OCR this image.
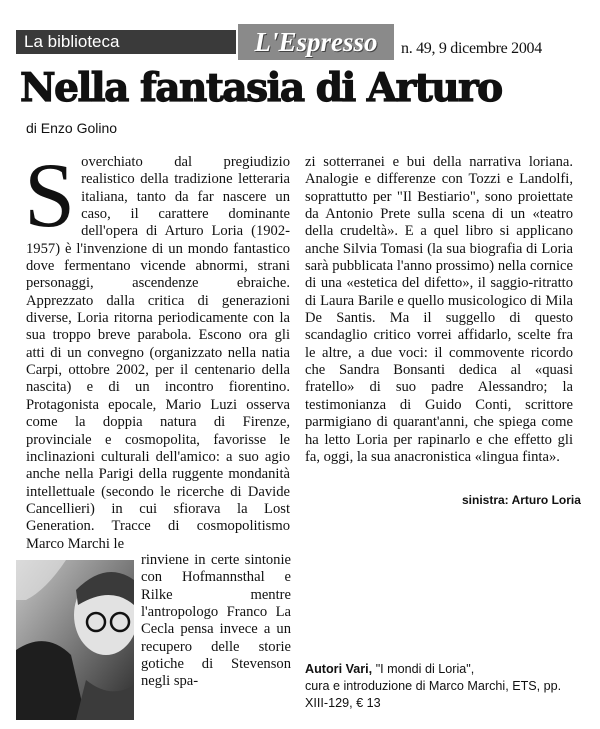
La biblioteca	L'Espresso	n. 49, 9 dicembre 2004
Nella fantasia di Arturo
di Enzo Golino
S overchiato dal pregiudizio realistico della tradizione letteraria italiana, tanto da far nascere un caso, il carattere dominante dell'opera di Arturo Loria (1902-1957) è l'invenzione di un mondo fantastico dove fermentano vicende abnormi, strani personaggi, ascendenze ebraiche. Apprezzato dalla critica di generazioni diverse, Loria ritorna periodicamente con la sua troppo breve parabola. Escono ora gli atti di un convegno (organizzato nella natia Carpi, ottobre 2002, per il centenario della nascita) e di un incontro fiorentino. Protagonista epocale, Mario Luzi osserva come la doppia natura di Firenze, provinciale e cosmopolita, favorisse le inclinazioni culturali dell'amico: a suo agio anche nella Parigi della ruggente mondanità intellettuale (secondo le ricerche di Davide Cancellieri) in cui sfiorava la Lost Generation. Tracce di cosmopolitismo Marco Marchi le

rinviene in certe sintonie con Hofmannsthal e Rilke mentre l'antropologo Franco La Cecla pensa invece a un recupero delle storie gotiche di Stevenson negli spa-

zi sotterranei e bui della narrativa loriana. Analogie e differenze con Tozzi e Landolfi, soprattutto per "Il Bestiario", sono proiettate da Antonio Prete sulla scena di un «teatro della crudeltà». E a quel libro si applicano anche Silvia Tomasi (la sua biografia di Loria sarà pubblicata l'anno prossimo) nella cornice di una «estetica del difetto», il saggio-ritratto di Laura Barile e quello musicologico di Mila De Santis. Ma il suggello di questo scandaglio critico vorrei affidarlo, scelte fra le altre, a due voci: il commovente ricordo che Sandra Bonsanti dedica al «quasi fratello» di suo padre Alessandro; la testimonianza di Guido Conti, scrittore parmigiano di quarant'anni, che spiega come ha letto Loria per rapinarlo e che effetto gli fa, oggi, la sua anacronistica «lingua finta».

sinistra: Arturo Loria
Autori Vari, "I mondi di Loria",
cura e introduzione di Marco Marchi, ETS, pp. XIII-129, € 13
